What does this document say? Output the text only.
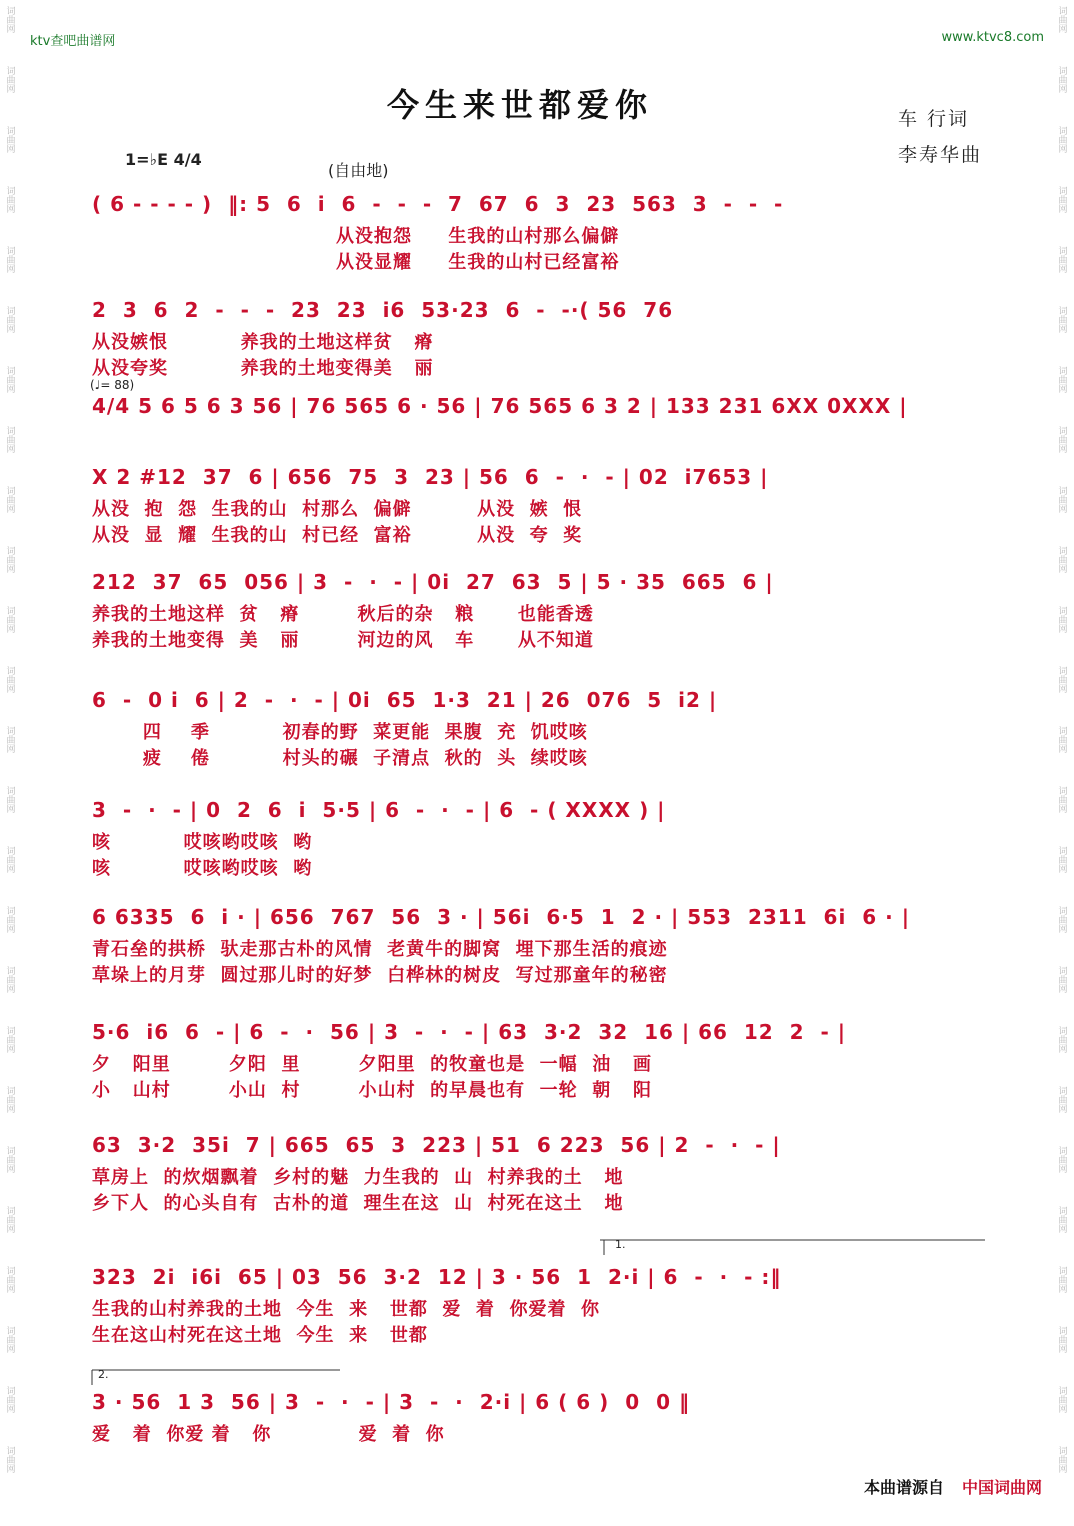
词
曲
网
词
曲
网
词
曲
网
词
曲
网
词
曲
网
词
曲
网
词
曲
网
词
曲
网
词
曲
网
词
曲
网
词
曲
网
词
曲
网
词
曲
网
词
曲
网
词
曲
网
词
曲
网
词
曲
网
词
曲
网
词
曲
网
词
曲
网
词
曲
网
词
曲
网
词
曲
网
词
曲
网
词
曲
网
词
曲
网
词
曲
网
词
曲
网
词
曲
网
词
曲
网
词
曲
网
词
曲
网
词
曲
网
词
曲
网
词
曲
网
词
曲
网
词
曲
网
词
曲
网
词
曲
网
词
曲
网
词
曲
网
词
曲
网
词
曲
网
词
曲
网
词
曲
网
词
曲
网
词
曲
网
词
曲
网
词
曲
网
词
曲
网
ktv查吧曲谱网	www.ktvc8.com
今生来世都爱你	车 行词
李寿华曲
1=♭E 4/4
(自由地)
(♩= 88)
1.
2.
( 6 - - - - )  ‖: 5  6  i  6  -  -  -  7  67  6  3  23  563  3  -  -  -
从没抱怨     生我的山村那么偏僻
从没显耀     生我的山村已经富裕
2  3  6  2  -  -  -  23  23  i6  53·23  6  -  -·( 56  76
从没嫉恨          养我的土地这样贫   瘠
从没夸奖          养我的土地变得美   丽
4/4 5 6 5 6 3 56 | 76 565 6 · 56 | 76 565 6 3 2 | 133 231 6XX 0XXX |
X 2 #12  37  6 | 656  75  3  23 | 56  6  -  ·  - | 02  i7653 |
从没  抱  怨  生我的山  村那么  偏僻         从没  嫉  恨
从没  显  耀  生我的山  村已经  富裕         从没  夸  奖
212  37  65  056 | 3  -  ·  - | 0i  27  63  5 | 5 · 35  665  6 |
养我的土地这样  贫   瘠        秋后的杂   粮      也能香透
养我的土地变得  美   丽        河边的风   车      从不知道
6  -  0 i  6 | 2  -  ·  - | 0i  65  1·3  21 | 26  076  5  i2 |
四    季          初春的野  菜更能  果腹  充  饥哎咳
疲    倦          村头的碾  子清点  秋的  头  续哎咳
3  -  ·  - | 0  2  6  i  5·5 | 6  -  ·  - | 6  - ( XXXX ) |
咳          哎咳哟哎咳  哟
咳          哎咳哟哎咳  哟
6 6335  6  i · | 656  767  56  3 · | 56i  6·5  1  2 · | 553  2311  6i  6 · |
青石垒的拱桥  驮走那古朴的风情  老黄牛的脚窝  埋下那生活的痕迹
草垛上的月芽  圆过那儿时的好梦  白桦林的树皮  写过那童年的秘密
5·6  i6  6  - | 6  -  ·  56 | 3  -  ·  - | 63  3·2  32  16 | 66  12  2  - |
夕   阳里        夕阳  里        夕阳里  的牧童也是  一幅  油   画
小   山村        小山  村        小山村  的早晨也有  一轮  朝   阳
63  3·2  35i  7 | 665  65  3  223 | 51  6 223  56 | 2  -  ·  - |
草房上  的炊烟飘着  乡村的魅  力生我的  山  村养我的土   地
乡下人  的心头自有  古朴的道  理生在这  山  村死在这土   地
323  2i  i6i  65 | 03  56  3·2  12 | 3 · 56  1  2·i | 6  -  ·  - :‖
生我的山村养我的土地  今生  来   世都  爱  着  你爱着  你
生在这山村死在这土地  今生  来   世都
3 · 56  1 3  56 | 3  -  ·  - | 3  -  ·  2·i | 6 ( 6 )  0  0 ‖
爱   着  你爱 着   你            爱  着  你
本曲谱源自 中国词曲网
